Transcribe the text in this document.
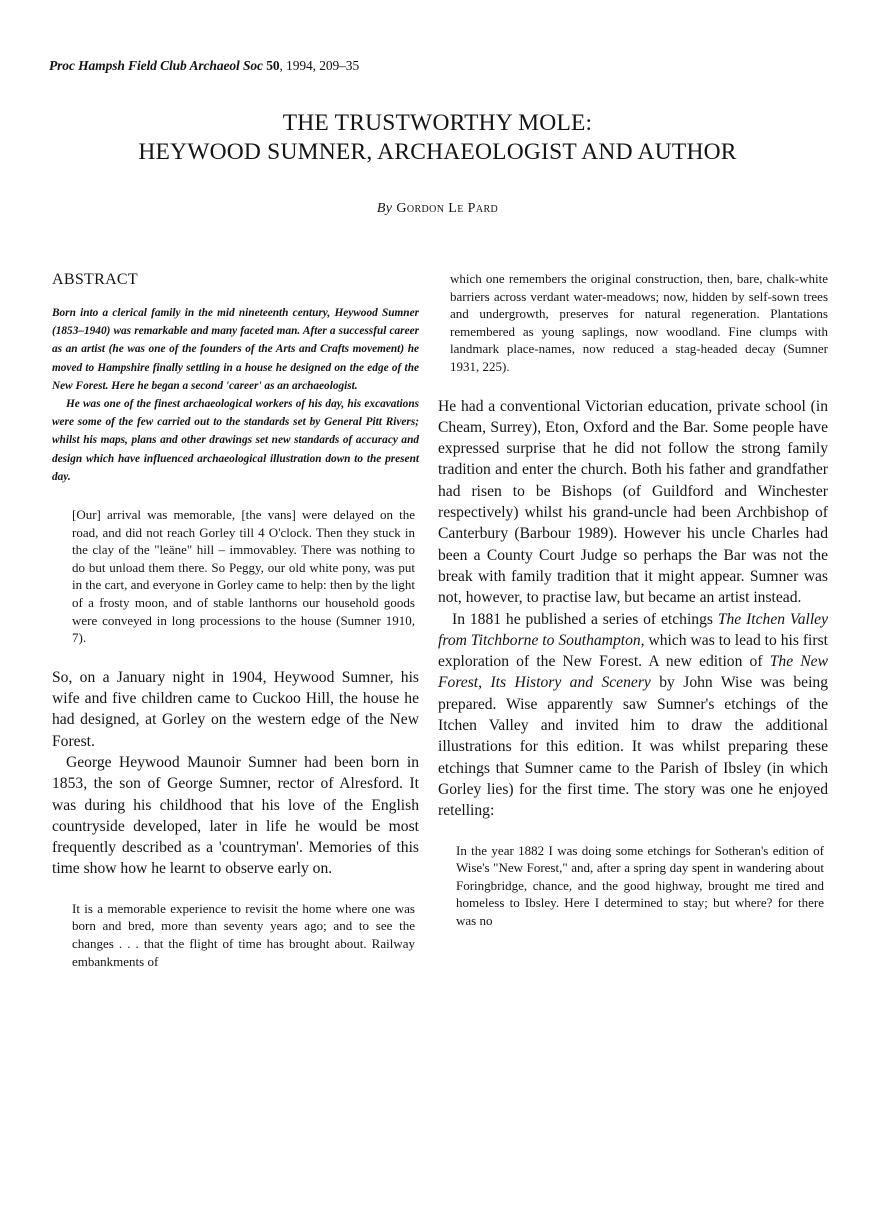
Proc Hampsh Field Club Archaeol Soc 50, 1994, 209–35
THE TRUSTWORTHY MOLE:
HEYWOOD SUMNER, ARCHAEOLOGIST AND AUTHOR
By Gordon Le Pard
ABSTRACT

Born into a clerical family in the mid nineteenth century, Heywood Sumner (1853–1940) was remarkable and many faceted man. After a successful career as an artist (he was one of the founders of the Arts and Crafts movement) he moved to Hampshire finally settling in a house he designed on the edge of the New Forest. Here he began a second 'career' as an archaeologist.

He was one of the finest archaeological workers of his day, his excavations were some of the few carried out to the standards set by General Pitt Rivers; whilst his maps, plans and other drawings set new standards of accuracy and design which have influenced archaeological illustration down to the present day.

[Our] arrival was memorable, [the vans] were delayed on the road, and did not reach Gorley till 4 O'clock. Then they stuck in the clay of the "leäne" hill – immovabley. There was nothing to do but unload them there. So Peggy, our old white pony, was put in the cart, and everyone in Gorley came to help: then by the light of a frosty moon, and of stable lanthorns our household goods were conveyed in long processions to the house (Sumner 1910, 7).

So, on a January night in 1904, Heywood Sumner, his wife and five children came to Cuckoo Hill, the house he had designed, at Gorley on the western edge of the New Forest.

George Heywood Maunoir Sumner had been born in 1853, the son of George Sumner, rector of Alresford. It was during his childhood that his love of the English countryside developed, later in life he would be most frequently described as a 'countryman'. Memories of this time show how he learnt to observe early on.

It is a memorable experience to revisit the home where one was born and bred, more than seventy years ago; and to see the changes . . . that the flight of time has brought about. Railway embankments of

which one remembers the original construction, then, bare, chalk-white barriers across verdant water-meadows; now, hidden by self-sown trees and undergrowth, preserves for natural regeneration. Plantations remembered as young saplings, now woodland. Fine clumps with landmark place-names, now reduced a stag-headed decay (Sumner 1931, 225).

He had a conventional Victorian education, private school (in Cheam, Surrey), Eton, Oxford and the Bar. Some people have expressed surprise that he did not follow the strong family tradition and enter the church. Both his father and grandfather had risen to be Bishops (of Guildford and Winchester respectively) whilst his grand-uncle had been Archbishop of Canterbury (Barbour 1989). However his uncle Charles had been a County Court Judge so perhaps the Bar was not the break with family tradition that it might appear. Sumner was not, however, to practise law, but became an artist instead.

In 1881 he published a series of etchings The Itchen Valley from Titchborne to Southampton, which was to lead to his first exploration of the New Forest. A new edition of The New Forest, Its History and Scenery by John Wise was being prepared. Wise apparently saw Sumner's etchings of the Itchen Valley and invited him to draw the additional illustrations for this edition. It was whilst preparing these etchings that Sumner came to the Parish of Ibsley (in which Gorley lies) for the first time. The story was one he enjoyed retelling:

In the year 1882 I was doing some etchings for Sotheran's edition of Wise's "New Forest," and, after a spring day spent in wandering about Foringbridge, chance, and the good highway, brought me tired and homeless to Ibsley. Here I determined to stay; but where? for there was no
